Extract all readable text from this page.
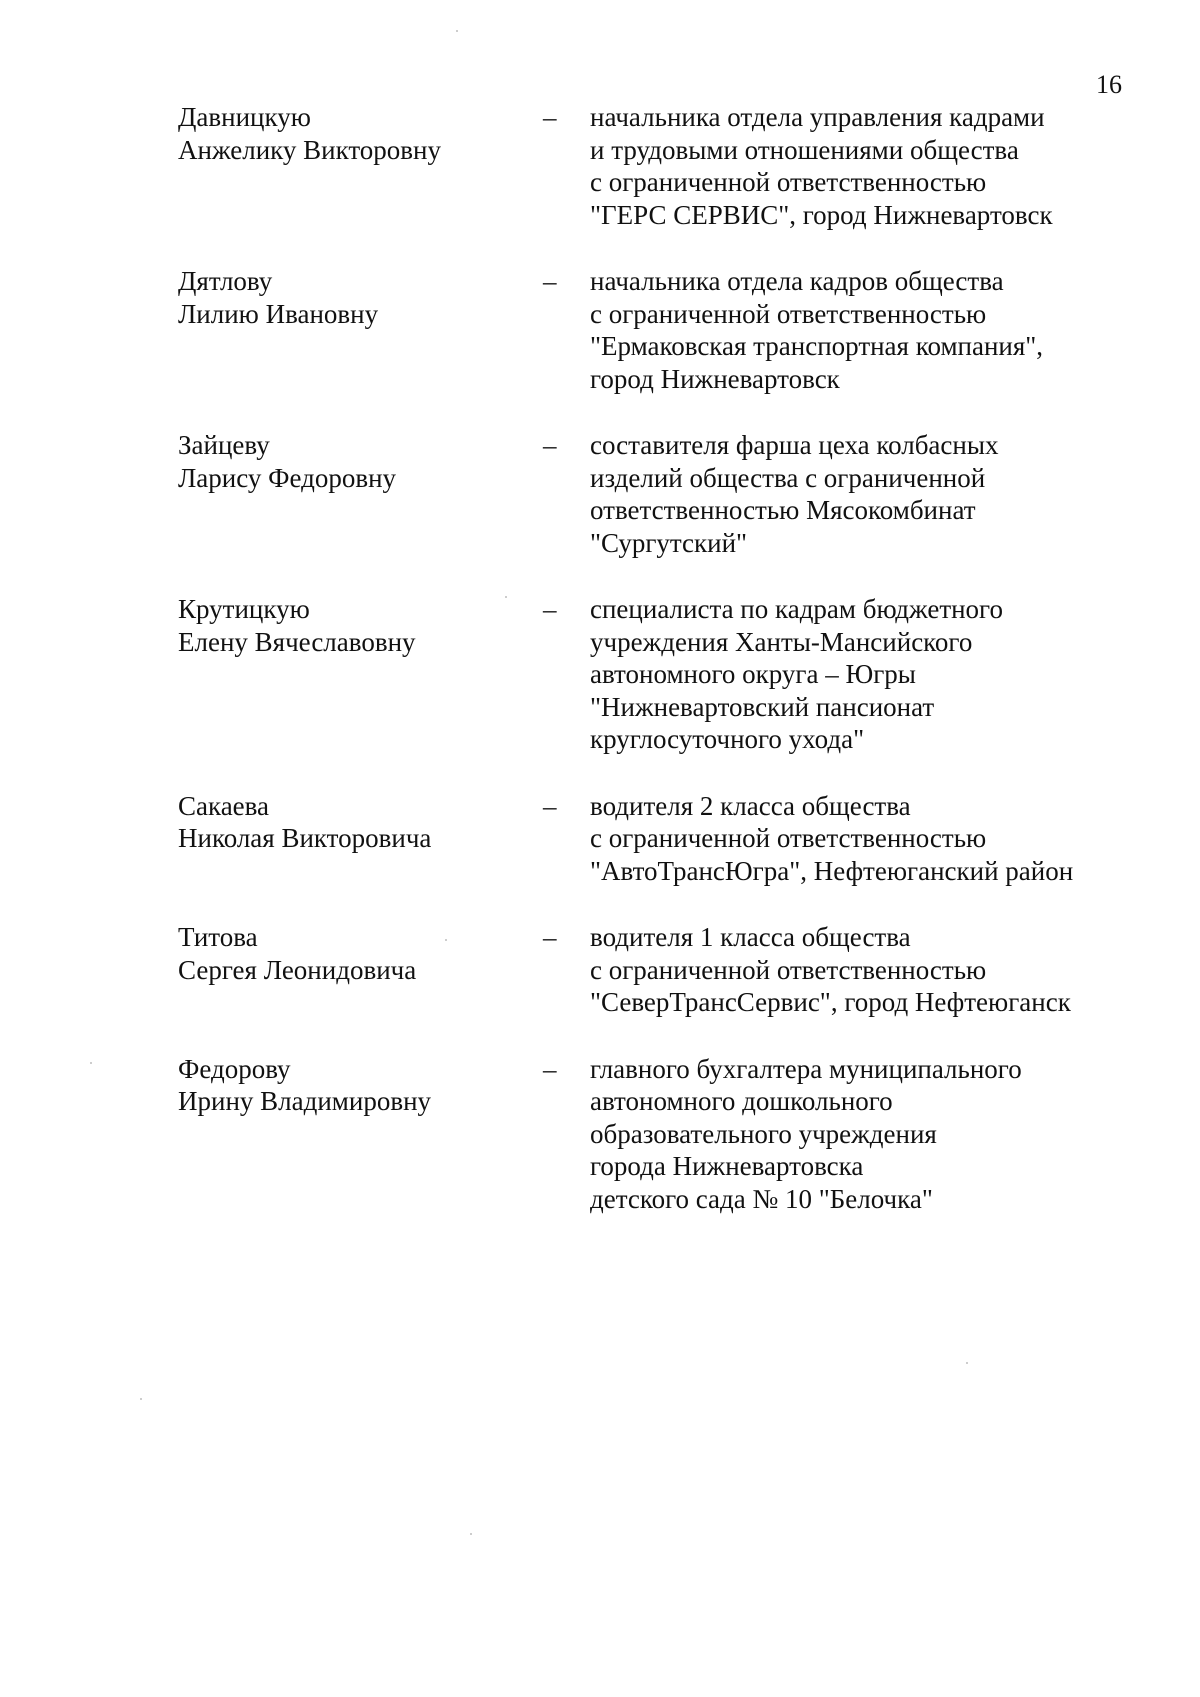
16
Давницкую
Анжелику Викторовну
–	начальника отдела управления кадрами
и трудовыми отношениями общества
с ограниченной ответственностью
"ГЕРС СЕРВИС", город Нижневартовск
Дятлову
Лилию Ивановну
–	начальника отдела кадров общества
с ограниченной ответственностью
"Ермаковская транспортная компания",
город Нижневартовск
Зайцеву
Ларису Федоровну
–	составителя фарша цеха колбасных
изделий общества с ограниченной
ответственностью Мясокомбинат
"Сургутский"
Крутицкую
Елену Вячеславовну
–	специалиста по кадрам бюджетного
учреждения Ханты-Мансийского
автономного округа – Югры
"Нижневартовский пансионат
круглосуточного ухода"
Сакаева
Николая Викторовича
–	водителя 2 класса общества
с ограниченной ответственностью
"АвтоТрансЮгра", Нефтеюганский район
Титова
Сергея Леонидовича
–	водителя 1 класса общества
с ограниченной ответственностью
"СеверТрансСервис", город Нефтеюганск
Федорову
Ирину Владимировну
–	главного бухгалтера муниципального
автономного дошкольного
образовательного учреждения
города Нижневартовска
детского сада № 10 "Белочка"
